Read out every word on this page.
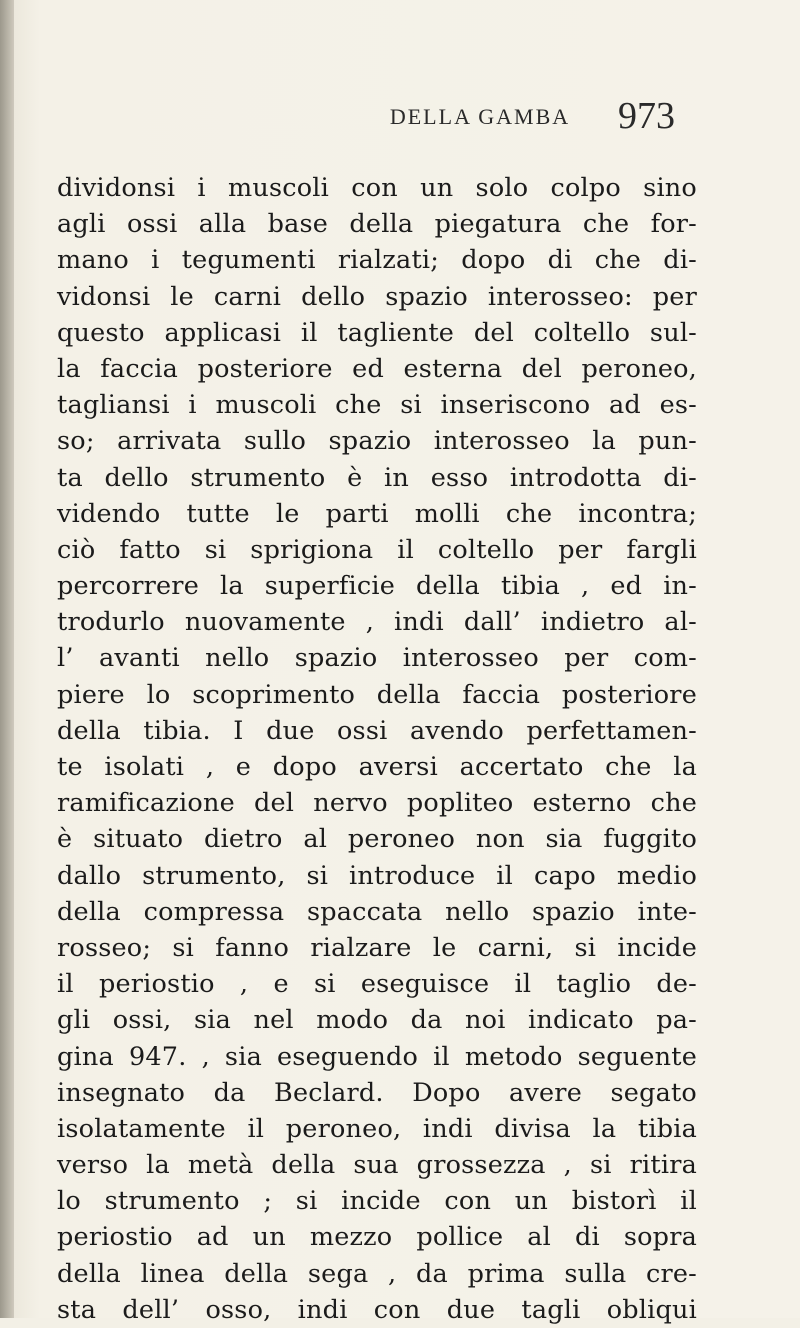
DELLA GAMBA 973
dividonsi i muscoli con un solo colpo sino
agli ossi alla base della piegatura che for-
mano i tegumenti rialzati; dopo di che di-
vidonsi le carni dello spazio interosseo: per
questo applicasi il tagliente del coltello sul-
la faccia posteriore ed esterna del peroneo,
tagliansi i muscoli che si inseriscono ad es-
so; arrivata sullo spazio interosseo la pun-
ta dello strumento è in esso introdotta di-
videndo tutte le parti molli che incontra;
ciò fatto si sprigiona il coltello per fargli
percorrere la superficie della tibia , ed in-
trodurlo nuovamente , indi dall’ indietro al-
l’ avanti nello spazio interosseo per com-
piere lo scoprimento della faccia posteriore
della tibia. I due ossi avendo perfettamen-
te isolati , e dopo aversi accertato che la
ramificazione del nervo popliteo esterno che
è situato dietro al peroneo non sia fuggito
dallo strumento, si introduce il capo medio
della compressa spaccata nello spazio inte-
rosseo; si fanno rialzare le carni, si incide
il periostio , e si eseguisce il taglio de-
gli ossi, sia nel modo da noi indicato pa-
gina 947. , sia eseguendo il metodo seguente
insegnato da Beclard. Dopo avere segato
isolatamente il peroneo, indi divisa la tibia
verso la metà della sua grossezza , si ritira
lo strumento ; si incide con un bistorì il
periostio ad un mezzo pollice al di sopra
della linea della sega , da prima sulla cre-
sta dell’ osso, indi con due tagli obliqui
